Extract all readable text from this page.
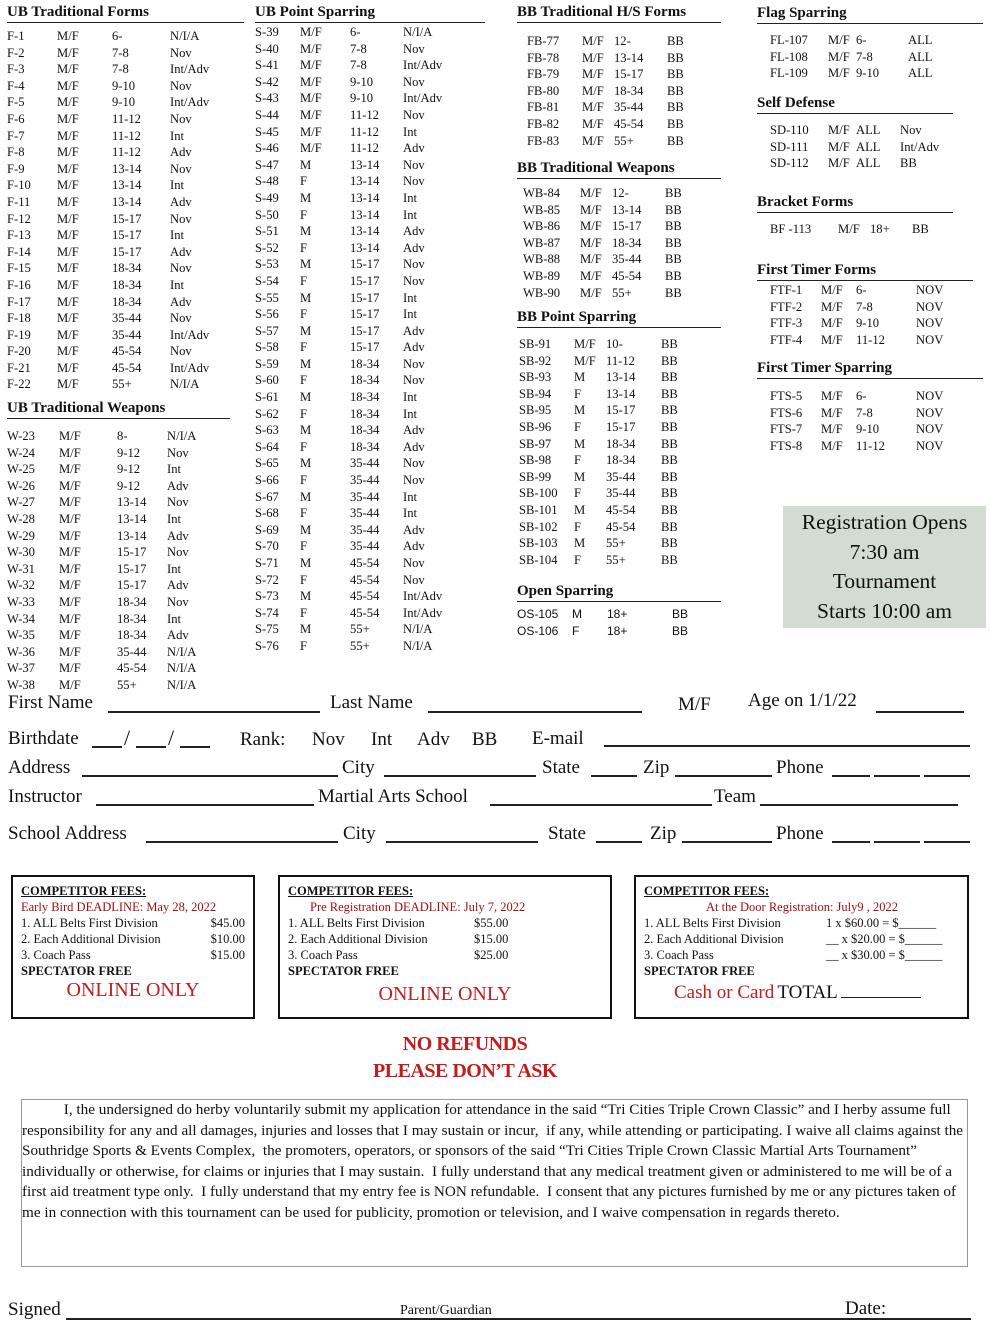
UB Traditional Forms
F-1	M/F	6-	N/I/A
F-2	M/F	7-8	Nov
F-3	M/F	7-8	Int/Adv
F-4	M/F	9-10	Nov
F-5	M/F	9-10	Int/Adv
F-6	M/F	11-12	Nov
F-7	M/F	11-12	Int
F-8	M/F	11-12	Adv
F-9	M/F	13-14	Nov
F-10	M/F	13-14	Int
F-11	M/F	13-14	Adv
F-12	M/F	15-17	Nov
F-13	M/F	15-17	Int
F-14	M/F	15-17	Adv
F-15	M/F	18-34	Nov
F-16	M/F	18-34	Int
F-17	M/F	18-34	Adv
F-18	M/F	35-44	Nov
F-19	M/F	35-44	Int/Adv
F-20	M/F	45-54	Nov
F-21	M/F	45-54	Int/Adv
F-22	M/F	55+	N/I/A
UB Traditional Weapons
W-23	M/F	8-	N/I/A
W-24	M/F	9-12	Nov
W-25	M/F	9-12	Int
W-26	M/F	9-12	Adv
W-27	M/F	13-14	Nov
W-28	M/F	13-14	Int
W-29	M/F	13-14	Adv
W-30	M/F	15-17	Nov
W-31	M/F	15-17	Int
W-32	M/F	15-17	Adv
W-33	M/F	18-34	Nov
W-34	M/F	18-34	Int
W-35	M/F	18-34	Adv
W-36	M/F	35-44	N/I/A
W-37	M/F	45-54	N/I/A
W-38	M/F	55+	N/I/A
UB Point Sparring
S-39	M/F	6-	N/I/A
S-40	M/F	7-8	Nov
S-41	M/F	7-8	Int/Adv
S-42	M/F	9-10	Nov
S-43	M/F	9-10	Int/Adv
S-44	M/F	11-12	Nov
S-45	M/F	11-12	Int
S-46	M/F	11-12	Adv
S-47	M	13-14	Nov
S-48	F	13-14	Nov
S-49	M	13-14	Int
S-50	F	13-14	Int
S-51	M	13-14	Adv
S-52	F	13-14	Adv
S-53	M	15-17	Nov
S-54	F	15-17	Nov
S-55	M	15-17	Int
S-56	F	15-17	Int
S-57	M	15-17	Adv
S-58	F	15-17	Adv
S-59	M	18-34	Nov
S-60	F	18-34	Nov
S-61	M	18-34	Int
S-62	F	18-34	Int
S-63	M	18-34	Adv
S-64	F	18-34	Adv
S-65	M	35-44	Nov
S-66	F	35-44	Nov
S-67	M	35-44	Int
S-68	F	35-44	Int
S-69	M	35-44	Adv
S-70	F	35-44	Adv
S-71	M	45-54	Nov
S-72	F	45-54	Nov
S-73	M	45-54	Int/Adv
S-74	F	45-54	Int/Adv
S-75	M	55+	N/I/A
S-76	F	55+	N/I/A
BB Traditional H/S Forms
FB-77	M/F	12-	BB
FB-78	M/F	13-14	BB
FB-79	M/F	15-17	BB
FB-80	M/F	18-34	BB
FB-81	M/F	35-44	BB
FB-82	M/F	45-54	BB
FB-83	M/F	55+	BB
BB Traditional Weapons
WB-84	M/F	12-	BB
WB-85	M/F	13-14	BB
WB-86	M/F	15-17	BB
WB-87	M/F	18-34	BB
WB-88	M/F	35-44	BB
WB-89	M/F	45-54	BB
WB-90	M/F	55+	BB
BB Point Sparring
SB-91	M/F	10-	BB
SB-92	M/F	11-12	BB
SB-93	M	13-14	BB
SB-94	F	13-14	BB
SB-95	M	15-17	BB
SB-96	F	15-17	BB
SB-97	M	18-34	BB
SB-98	F	18-34	BB
SB-99	M	35-44	BB
SB-100	F	35-44	BB
SB-101	M	45-54	BB
SB-102	F	45-54	BB
SB-103	M	55+	BB
SB-104	F	55+	BB
Open Sparring
OS-105	M	18+	BB
OS-106	F	18+	BB
Flag Sparring
FL-107	M/F	6-	ALL
FL-108	M/F	7-8	ALL
FL-109	M/F	9-10	ALL
Self Defense
SD-110	M/F	ALL	Nov
SD-111	M/F	ALL	Int/Adv
SD-112	M/F	ALL	BB
Bracket Forms
BF -113	M/F	18+	BB
First Timer Forms
FTF-1	M/F	6-	NOV
FTF-2	M/F	7-8	NOV
FTF-3	M/F	9-10	NOV
FTF-4	M/F	11-12	NOV
First Timer Sparring
FTS-5	M/F	6-	NOV
FTS-6	M/F	7-8	NOV
FTS-7	M/F	9-10	NOV
FTS-8	M/F	11-12	NOV
Registration Opens
7:30 am
Tournament
Starts 10:00 am
First Name	Last Name	M/F Age on 1/1/22
Birthdate / /	Rank: Nov Int Adv BB E-mail
Address	City	State	Zip	Phone
Instructor	Martial Arts School	Team
School Address	City	State	Zip	Phone
COMPETITOR FEES:
Early Bird DEADLINE: May 28, 2022
1. ALL Belts First Division	$45.00
2. Each Additional Division	$10.00
3. Coach Pass	$15.00
SPECTATOR FREE
ONLINE ONLY
COMPETITOR FEES:
Pre Registration DEADLINE: July 7, 2022
1. ALL Belts First Division	$55.00
2. Each Additional Division	$15.00
3. Coach Pass	$25.00
SPECTATOR FREE
ONLINE ONLY
COMPETITOR FEES:
At the Door Registration: July9 , 2022
1. ALL Belts First Division	1 x $60.00 = $______
2. Each Additional Division	__ x $20.00 = $______
3. Coach Pass	__ x $30.00 = $______
SPECTATOR FREE
Cash or Card TOTAL
NO REFUNDS
PLEASE DON’T ASK

I, the undersigned do herby voluntarily submit my application for attendance in the said “Tri Cities Triple Crown Classic” and I herby assume full  responsibility for any and all damages, injuries and losses that I may sustain or incur,  if any, while attending or participating. I waive all claims against the Southridge Sports & Events Complex,  the promoters, operators, or sponsors of the said “Tri Cities Triple Crown Classic Martial Arts Tournament” individually or otherwise, for claims or injuries that I may sustain.  I fully understand that any medical treatment given or administered to me will be of a first aid treatment type only.  I fully understand that my entry fee is NON refundable.  I consent that any pictures furnished by me or any pictures taken of me in connection with this tournament can be used for publicity, promotion or television, and I waive compensation in regards thereto.

Signed	Parent/Guardian	Date:
